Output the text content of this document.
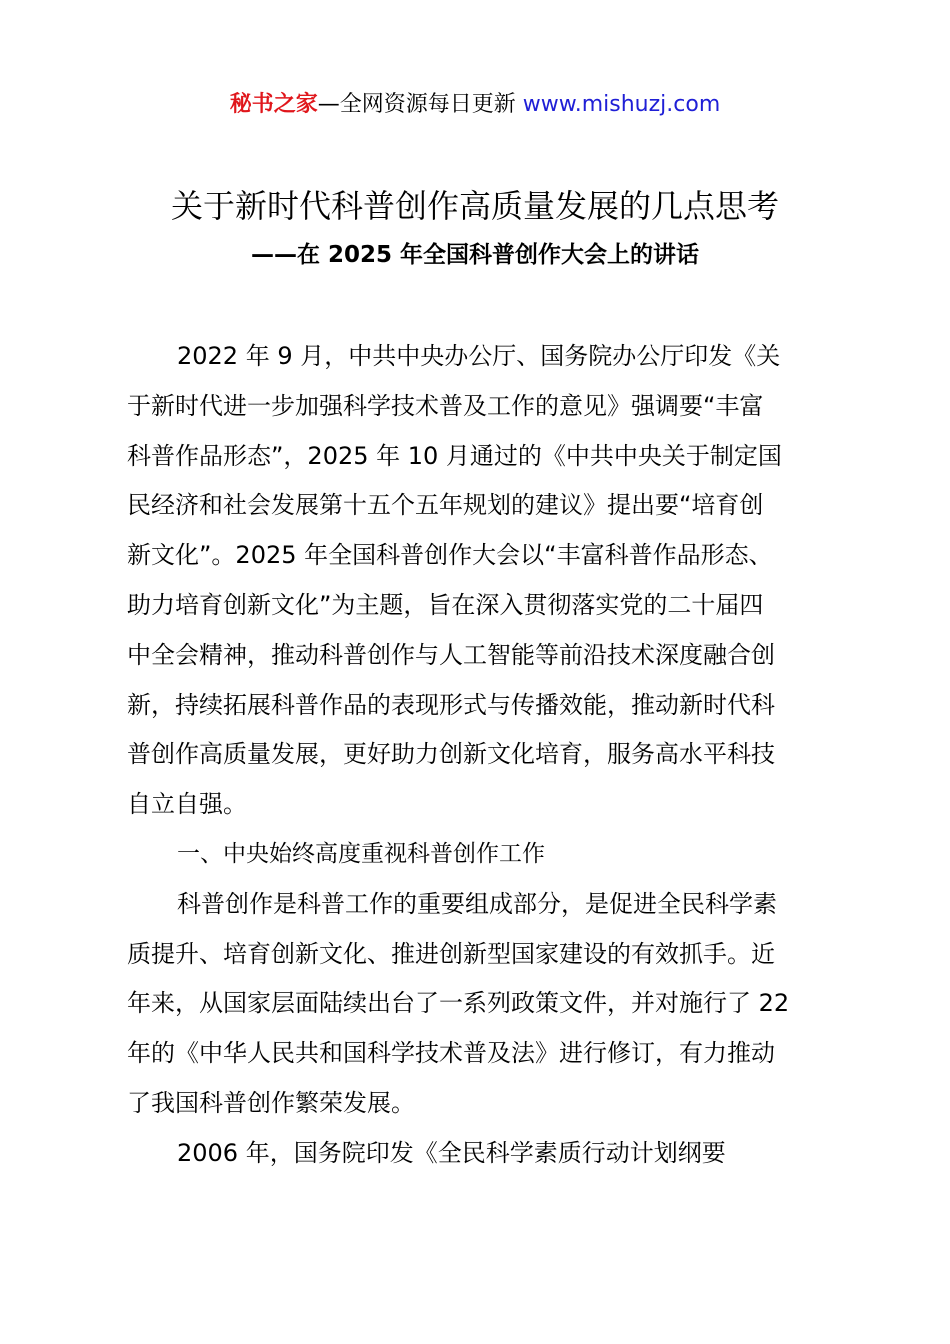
秘书之家—全网资源每日更新 www.mishuzj.com
关于新时代科普创作高质量发展的几点思考
——在 2025 年全国科普创作大会上的讲话
2022 年 9 月，中共中央办公厅、国务院办公厅印发《关
于新时代进一步加强科学技术普及工作的意见》强调要“丰富
科普作品形态”，2025 年 10 月通过的《中共中央关于制定国
民经济和社会发展第十五个五年规划的建议》提出要“培育创
新文化”。2025 年全国科普创作大会以“丰富科普作品形态、
助力培育创新文化”为主题，旨在深入贯彻落实党的二十届四
中全会精神，推动科普创作与人工智能等前沿技术深度融合创
新，持续拓展科普作品的表现形式与传播效能，推动新时代科
普创作高质量发展，更好助力创新文化培育，服务高水平科技
自立自强。
一、中央始终高度重视科普创作工作
科普创作是科普工作的重要组成部分，是促进全民科学素
质提升、培育创新文化、推进创新型国家建设的有效抓手。近
年来，从国家层面陆续出台了一系列政策文件，并对施行了 22
年的《中华人民共和国科学技术普及法》进行修订，有力推动
了我国科普创作繁荣发展。
2006 年，国务院印发《全民科学素质行动计划纲要
